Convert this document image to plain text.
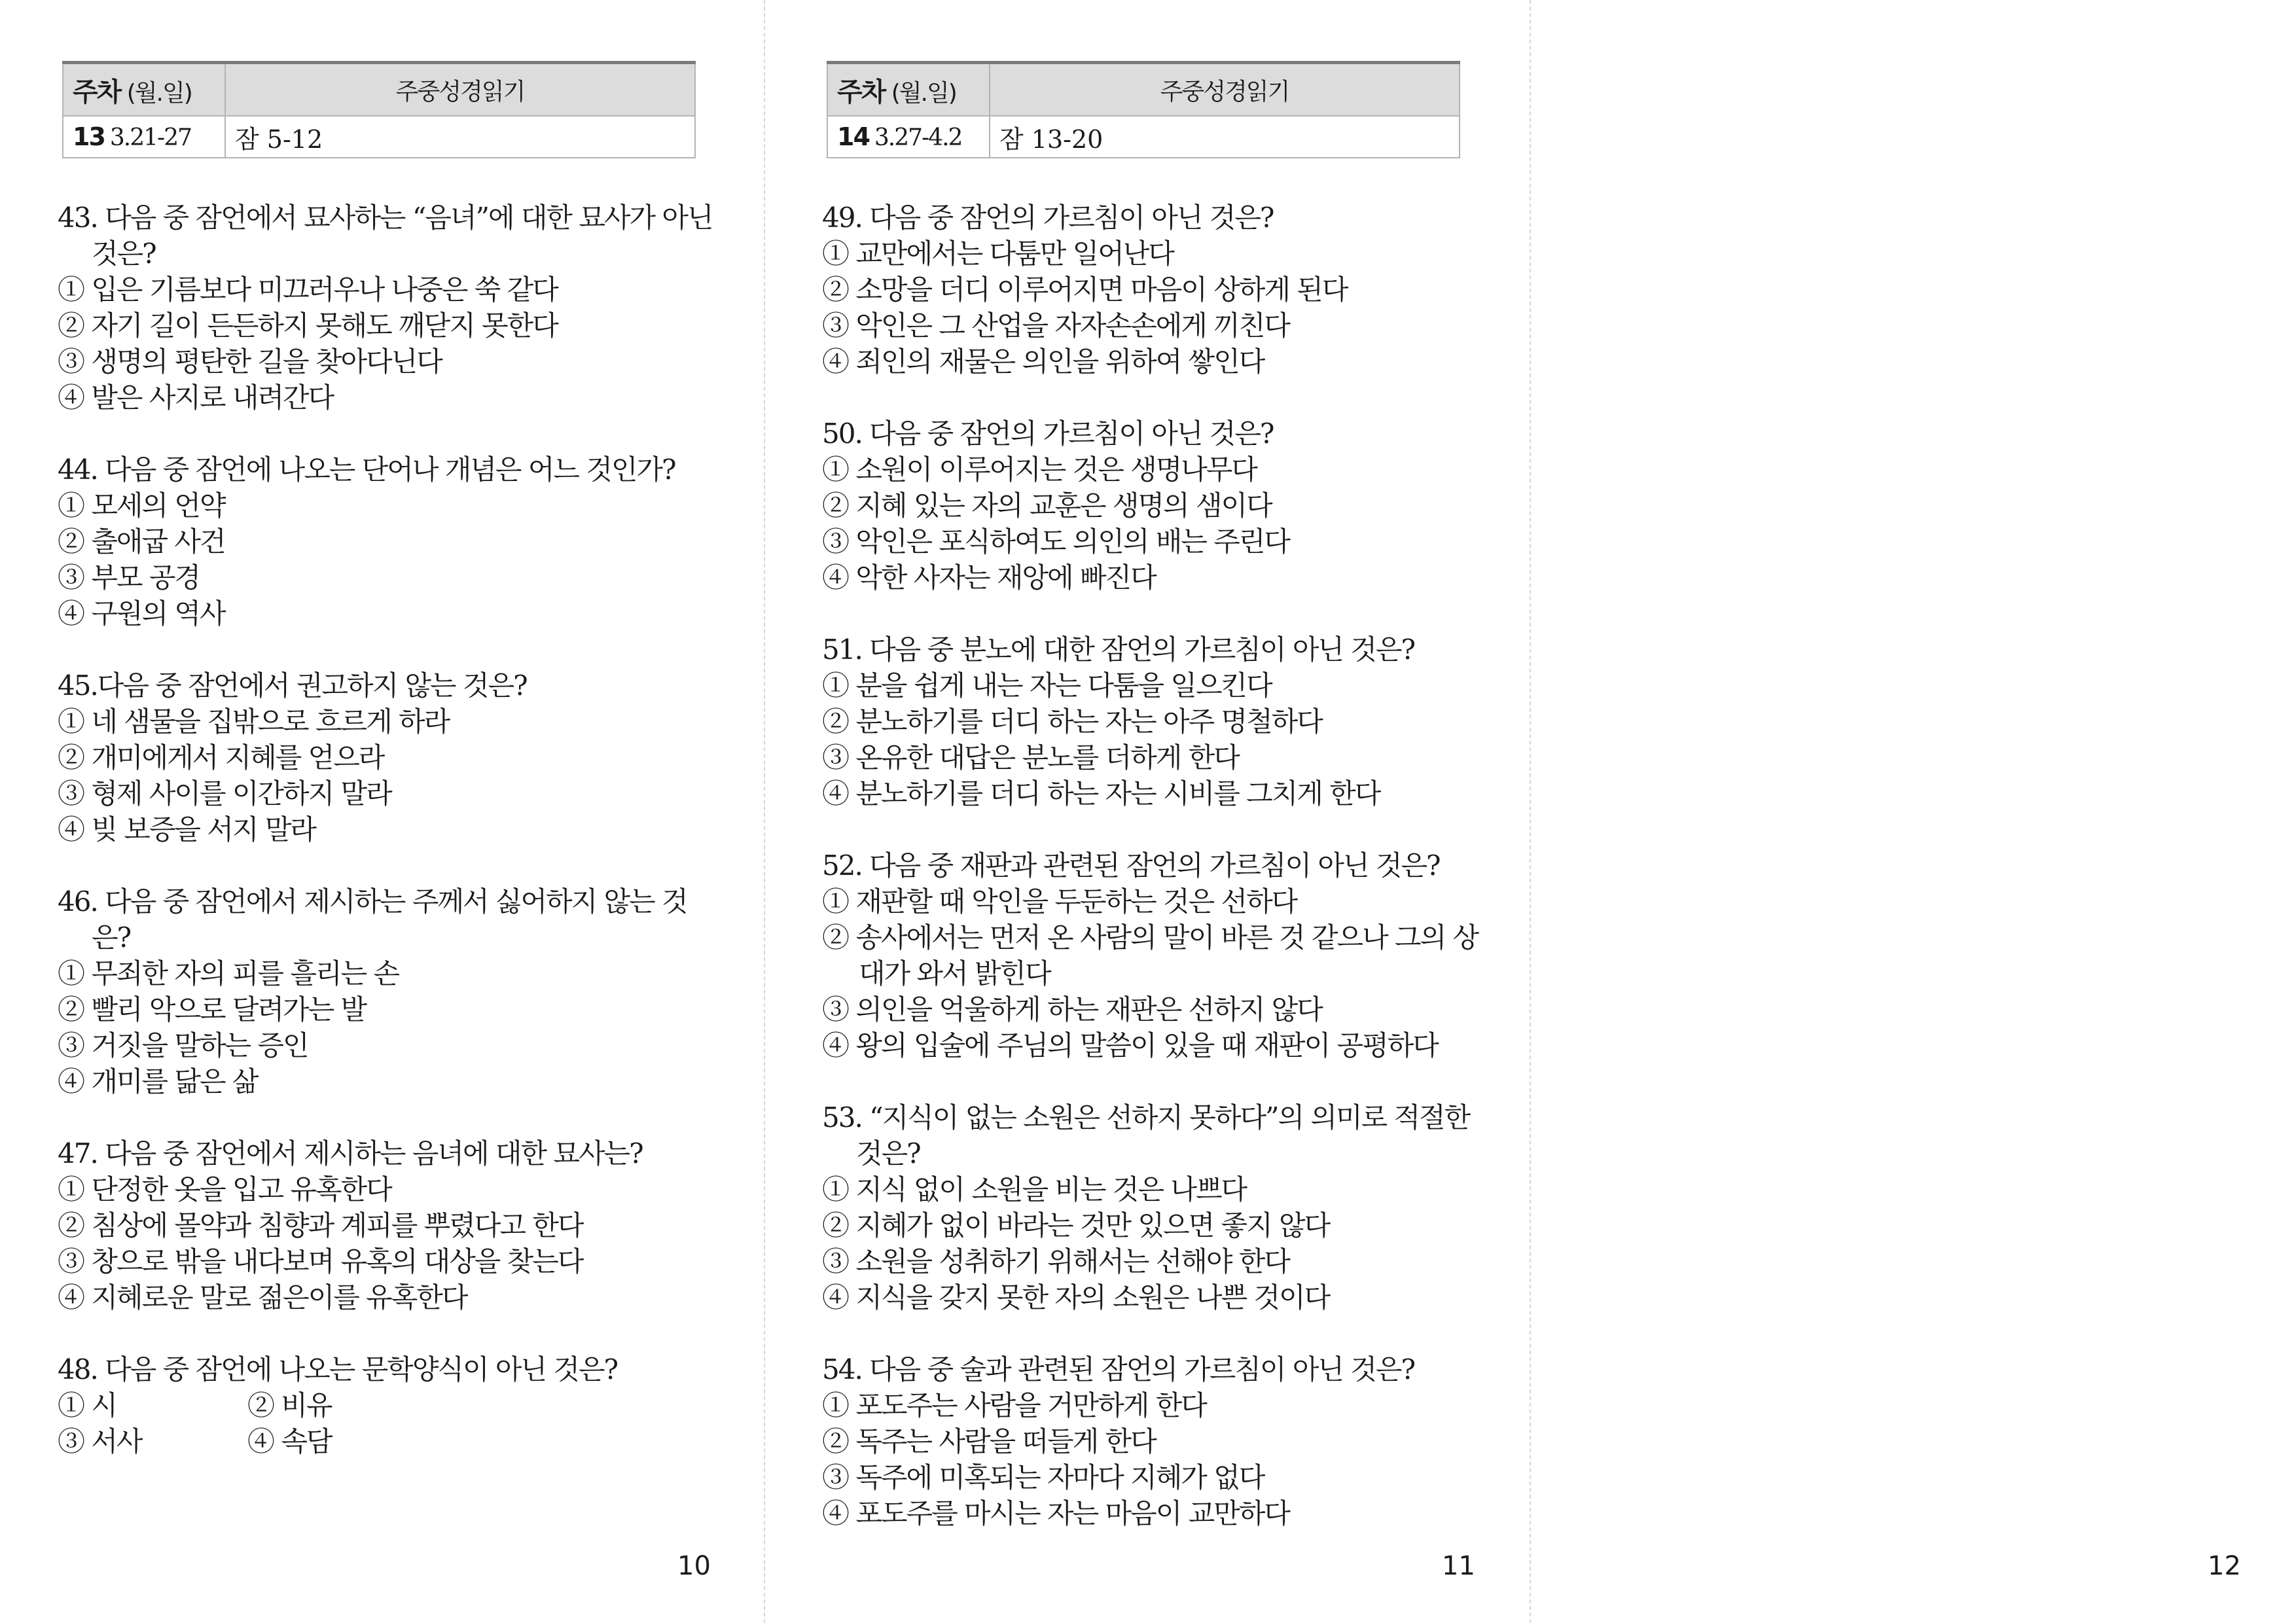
주차 (월.일)	주중성경읽기
13 3.21-27	잠 5-12
43. 다음 중 잠언에서 묘사하는 “음녀”에 대한 묘사가 아닌 것은?
① 입은 기름보다 미끄러우나 나중은 쑥 같다
② 자기 길이 든든하지 못해도 깨닫지 못한다
③ 생명의 평탄한 길을 찾아다닌다
④ 발은 사지로 내려간다
44. 다음 중 잠언에 나오는 단어나 개념은 어느 것인가?
① 모세의 언약
② 출애굽 사건
③ 부모 공경
④ 구원의 역사
45.다음 중 잠언에서 권고하지 않는 것은?
① 네 샘물을 집밖으로 흐르게 하라
② 개미에게서 지혜를 얻으라
③ 형제 사이를 이간하지 말라
④ 빚 보증을 서지 말라
46. 다음 중 잠언에서 제시하는 주께서 싫어하지 않는 것은?
① 무죄한 자의 피를 흘리는 손
② 빨리 악으로 달려가는 발
③ 거짓을 말하는 증인
④ 개미를 닮은 삶
47. 다음 중 잠언에서 제시하는 음녀에 대한 묘사는?
① 단정한 옷을 입고 유혹한다
② 침상에 몰약과 침향과 계피를 뿌렸다고 한다
③ 창으로 밖을 내다보며 유혹의 대상을 찾는다
④ 지혜로운 말로 젊은이를 유혹한다
48. 다음 중 잠언에 나오는 문학양식이 아닌 것은?
① 시	② 비유
③ 서사	④ 속담
10
주차 (월.일)	주중성경읽기
14 3.27-4.2	잠 13-20
49. 다음 중 잠언의 가르침이 아닌 것은?
① 교만에서는 다툼만 일어난다
② 소망을 더디 이루어지면 마음이 상하게 된다
③ 악인은 그 산업을 자자손손에게 끼친다
④ 죄인의 재물은 의인을 위하여 쌓인다
50. 다음 중 잠언의 가르침이 아닌 것은?
① 소원이 이루어지는 것은 생명나무다
② 지혜 있는 자의 교훈은 생명의 샘이다
③ 악인은 포식하여도 의인의 배는 주린다
④ 악한 사자는 재앙에 빠진다
51. 다음 중 분노에 대한 잠언의 가르침이 아닌 것은?
① 분을 쉽게 내는 자는 다툼을 일으킨다
② 분노하기를 더디 하는 자는 아주 명철하다
③ 온유한 대답은 분노를 더하게 한다
④ 분노하기를 더디 하는 자는 시비를 그치게 한다
52. 다음 중 재판과 관련된 잠언의 가르침이 아닌 것은?
① 재판할 때 악인을 두둔하는 것은 선하다
② 송사에서는 먼저 온 사람의 말이 바른 것 같으나 그의 상대가 와서 밝힌다
③ 의인을 억울하게 하는 재판은 선하지 않다
④ 왕의 입술에 주님의 말씀이 있을 때 재판이 공평하다
53. “지식이 없는 소원은 선하지 못하다”의 의미로 적절한 것은?
① 지식 없이 소원을 비는 것은 나쁘다
② 지혜가 없이 바라는 것만 있으면 좋지 않다
③ 소원을 성취하기 위해서는 선해야 한다
④ 지식을 갖지 못한 자의 소원은 나쁜 것이다
54. 다음 중 술과 관련된 잠언의 가르침이 아닌 것은?
① 포도주는 사람을 거만하게 한다
② 독주는 사람을 떠들게 한다
③ 독주에 미혹되는 자마다 지혜가 없다
④ 포도주를 마시는 자는 마음이 교만하다
11	12
